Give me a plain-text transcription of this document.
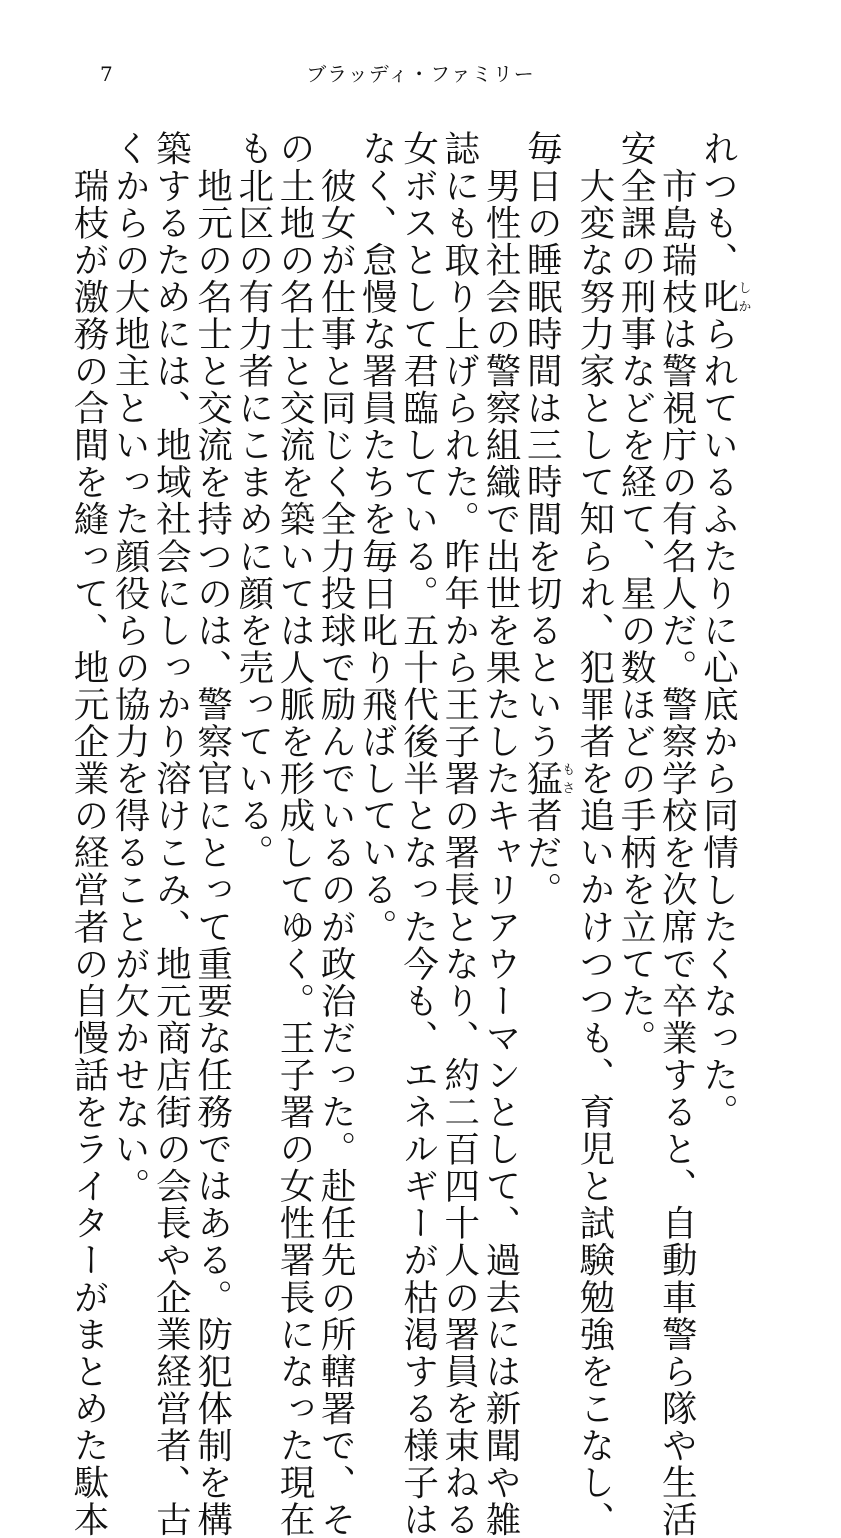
7	ブラッディ・ファミリー
れつも、叱しかられているふたりに心底から同情したくなった。
　市島瑞枝は警視庁の有名人だ。警察学校を次席で卒業すると、自動車警ら隊や生活
安全課の刑事などを経て、星の数ほどの手柄を立てた。
　大変な努力家として知られ、犯罪者を追いかけつつも、育児と試験勉強をこなし、
毎日の睡眠時間は三時間を切るという猛もさ者だ。
　男性社会の警察組織で出世を果たしたキャリアウーマンとして、過去には新聞や雑
誌にも取り上げられた。昨年から王子署の署長となり、約二百四十人の署員を束ねる
女ボスとして君臨している。五十代後半となった今も、エネルギーが枯渇する様子は
なく、怠慢な署員たちを毎日叱り飛ばしている。
　彼女が仕事と同じく全力投球で励んでいるのが政治だった。赴任先の所轄署で、そ
の土地の名士と交流を築いては人脈を形成してゆく。王子署の女性署長になった現在
も北区の有力者にこまめに顔を売っている。
　地元の名士と交流を持つのは、警察官にとって重要な任務ではある。防犯体制を構
築するためには、地域社会にしっかり溶けこみ、地元商店街の会長や企業経営者、古
くからの大地主といった顔役らの協力を得ることが欠かせない。
　瑞枝が激務の合間を縫って、地元企業の経営者の自慢話をライターがまとめた駄本
